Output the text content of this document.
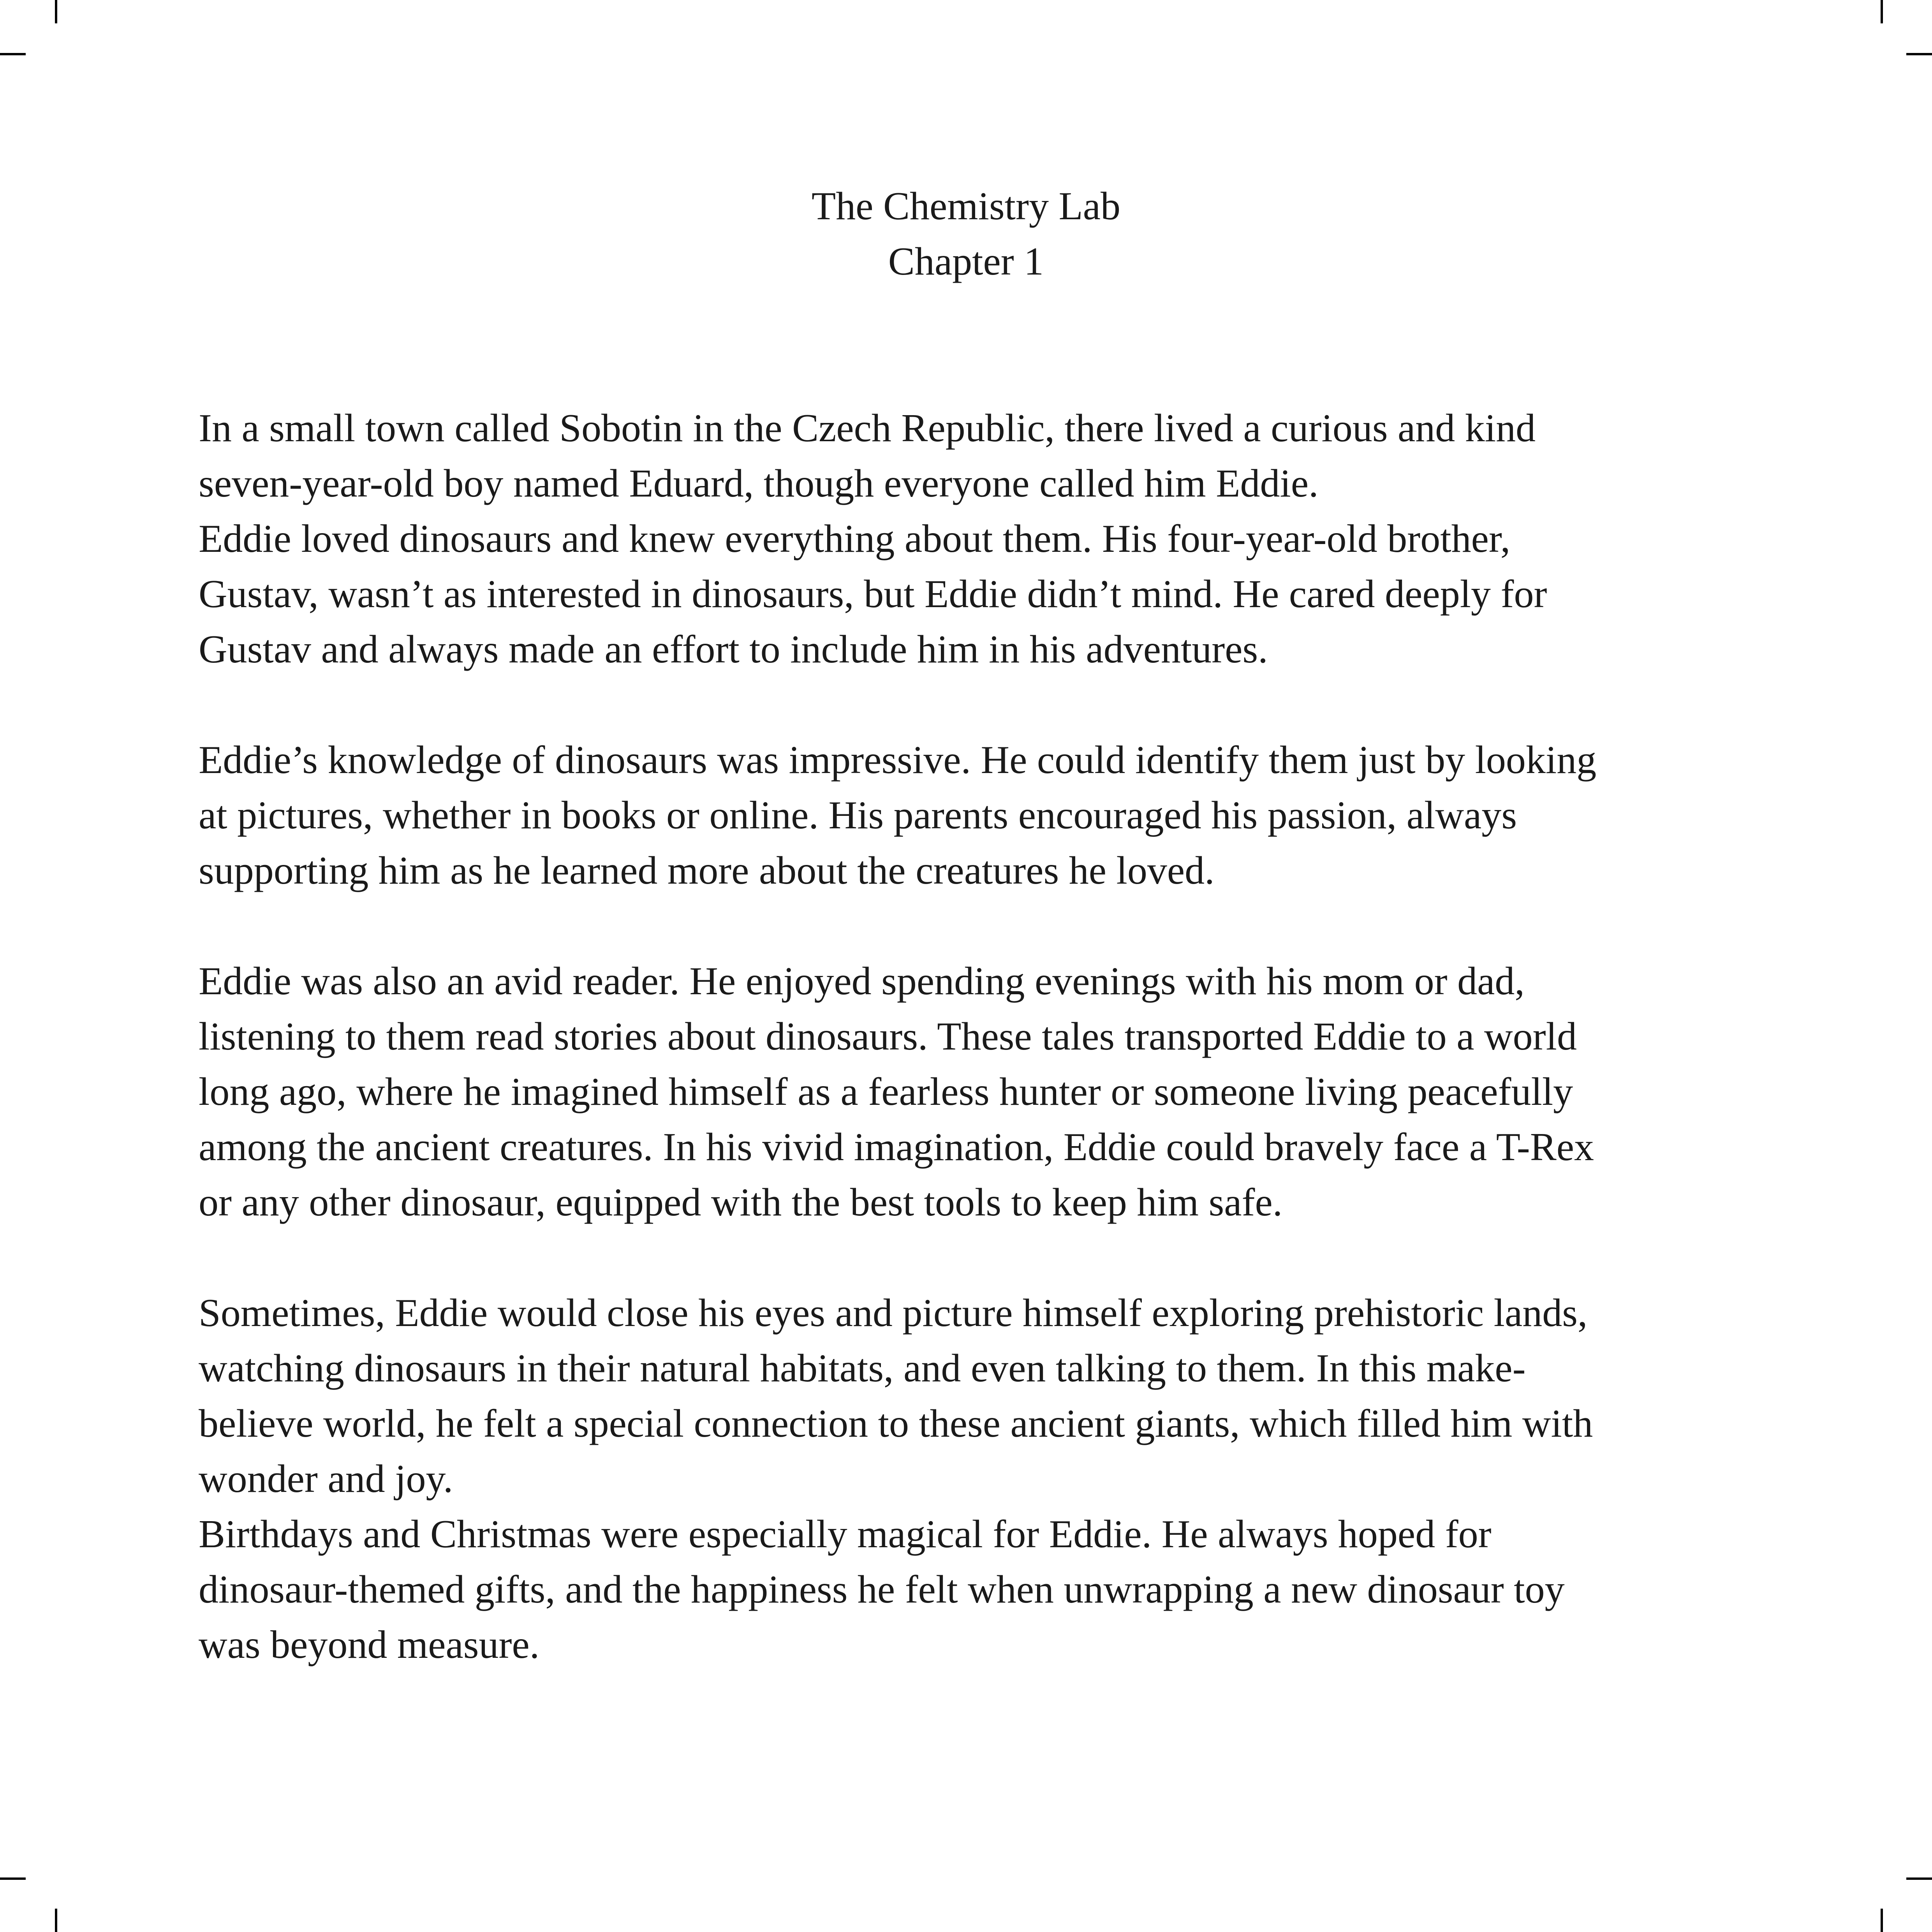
The Chemistry Lab
Chapter 1
In a small town called Sobotin in the Czech Republic, there lived a curious and kind
seven-year-old boy named Eduard, though everyone called him Eddie.
Eddie loved dinosaurs and knew everything about them. His four-year-old brother,
Gustav, wasn’t as interested in dinosaurs, but Eddie didn’t mind. He cared deeply for
Gustav and always made an effort to include him in his adventures.
Eddie’s knowledge of dinosaurs was impressive. He could identify them just by looking
at pictures, whether in books or online. His parents encouraged his passion, always
supporting him as he learned more about the creatures he loved.
Eddie was also an avid reader. He enjoyed spending evenings with his mom or dad,
listening to them read stories about dinosaurs. These tales transported Eddie to a world
long ago, where he imagined himself as a fearless hunter or someone living peacefully
among the ancient creatures. In his vivid imagination, Eddie could bravely face a T-Rex
or any other dinosaur, equipped with the best tools to keep him safe.
Sometimes, Eddie would close his eyes and picture himself exploring prehistoric lands,
watching dinosaurs in their natural habitats, and even talking to them. In this make-
believe world, he felt a special connection to these ancient giants, which filled him with
wonder and joy.
Birthdays and Christmas were especially magical for Eddie. He always hoped for
dinosaur-themed gifts, and the happiness he felt when unwrapping a new dinosaur toy
was beyond measure.
